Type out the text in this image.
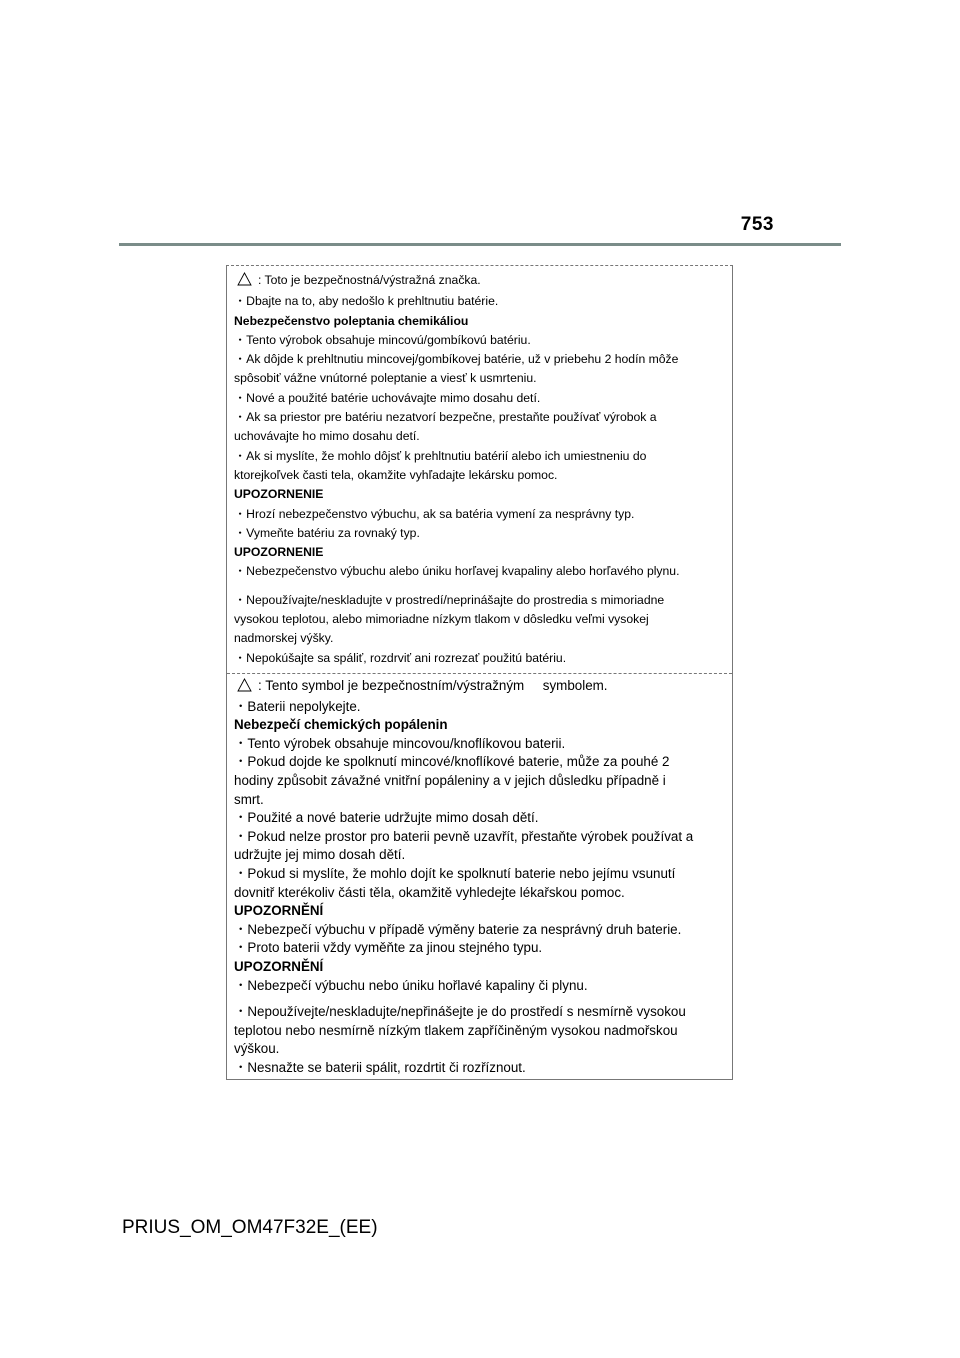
753
: Toto je bezpečnostná/výstražná značka.
・Dbajte na to, aby nedošlo k prehltnutiu batérie.
Nebezpečenstvo poleptania chemikáliou
・Tento výrobok obsahuje mincovú/gombíkovú batériu.
・Ak dôjde k prehltnutiu mincovej/gombíkovej batérie, už v priebehu 2 hodín môže
spôsobiť vážne vnútorné poleptanie a viesť k usmrteniu.
・Nové a použité batérie uchovávajte mimo dosahu detí.
・Ak sa priestor pre batériu nezatvorí bezpečne, prestaňte používať výrobok a
uchovávajte ho mimo dosahu detí.
・Ak si myslíte, že mohlo dôjsť k prehltnutiu batérií alebo ich umiestneniu do
ktorejkoľvek časti tela, okamžite vyhľadajte lekársku pomoc.
UPOZORNENIE
・Hrozí nebezpečenstvo výbuchu, ak sa batéria vymení za nesprávny typ.
・Vymeňte batériu za rovnaký typ.
UPOZORNENIE
・Nebezpečenstvo výbuchu alebo úniku horľavej kvapaliny alebo horľavého plynu.
・Nepoužívajte/neskladujte v prostredí/neprinášajte do prostredia s mimoriadne
vysokou teplotou, alebo mimoriadne nízkym tlakom v dôsledku veľmi vysokej
nadmorskej výšky.
・Nepokúšajte sa spáliť, rozdrviť ani rozrezať použitú batériu.
: Tento symbol je bezpečnostním/výstražným     symbolem.
・Baterii nepolykejte.
Nebezpečí chemických popálenin
・Tento výrobek obsahuje mincovou/knoflíkovou baterii.
・Pokud dojde ke spolknutí mincové/knoflíkové baterie, může za pouhé 2
hodiny způsobit závažné vnitřní popáleniny a v jejich důsledku případně i
smrt.
・Použité a nové baterie udržujte mimo dosah dětí.
・Pokud nelze prostor pro baterii pevně uzavřít, přestaňte výrobek používat a
udržujte jej mimo dosah dětí.
・Pokud si myslíte, že mohlo dojít ke spolknutí baterie nebo jejímu vsunutí
dovnitř kterékoliv části těla, okamžitě vyhledejte lékařskou pomoc.
UPOZORNĚNÍ
・Nebezpečí výbuchu v případě výměny baterie za nesprávný druh baterie.
・Proto baterii vždy vyměňte za jinou stejného typu.
UPOZORNĚNÍ
・Nebezpečí výbuchu nebo úniku hořlavé kapaliny či plynu.
・Nepoužívejte/neskladujte/nepřinášejte je do prostředí s nesmírně vysokou
teplotou nebo nesmírně nízkým tlakem zapříčiněným vysokou nadmořskou
výškou.
・Nesnažte se baterii spálit, rozdrtit či rozříznout.
PRIUS_OM_OM47F32E_(EE)
